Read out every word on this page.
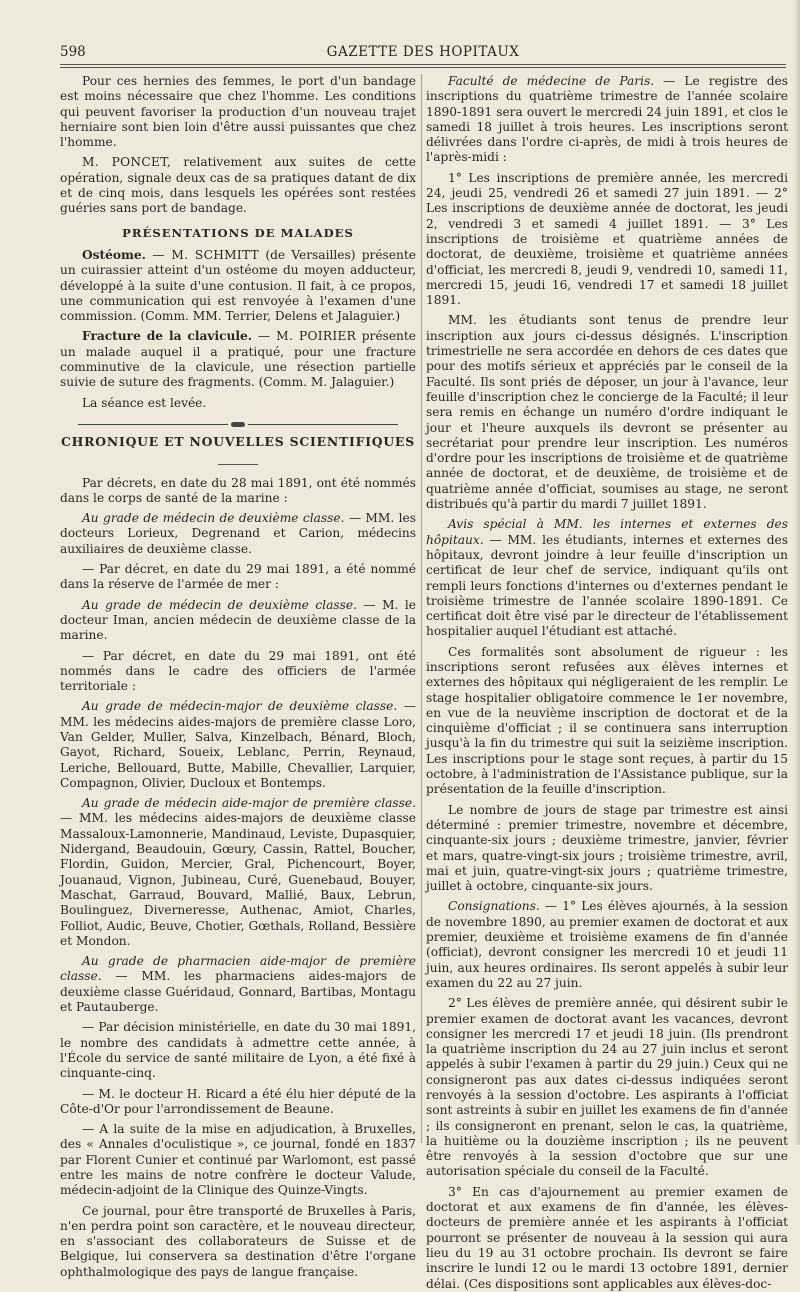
598	GAZETTE DES HOPITAUX

Pour ces hernies des femmes, le port d'un bandage est moins nécessaire que chez l'homme. Les conditions qui peuvent favoriser la production d'un nouveau trajet herniaire sont bien loin d'être aussi puissantes que chez l'homme.

M. PONCET, relativement aux suites de cette opération, signale deux cas de sa pratiques datant de dix et de cinq mois, dans lesquels les opérées sont restées guéries sans port de bandage.

PRÉSENTATIONS DE MALADES

Ostéome. — M. SCHMITT (de Versailles) présente un cuirassier atteint d'un ostéome du moyen adducteur, développé à la suite d'une contusion. Il fait, à ce propos, une communication qui est renvoyée à l'examen d'une commission. (Comm. MM. Terrier, Delens et Jalaguier.)

Fracture de la clavicule. — M. POIRIER présente un malade auquel il a pratiqué, pour une fracture comminutive de la clavicule, une résection partielle suivie de suture des fragments. (Comm. M. Jalaguier.)

La séance est levée.

CHRONIQUE ET NOUVELLES SCIENTIFIQUES

Par décrets, en date du 28 mai 1891, ont été nommés dans le corps de santé de la marine :

Au grade de médecin de deuxième classe. — MM. les docteurs Lorieux, Degrenand et Carion, médecins auxiliaires de deuxième classe.

— Par décret, en date du 29 mai 1891, a été nommé dans la réserve de l'armée de mer :

Au grade de médecin de deuxième classe. — M. le docteur Iman, ancien médecin de deuxième classe de la marine.

— Par décret, en date du 29 mai 1891, ont été nommés dans le cadre des officiers de l'armée territoriale :

Au grade de médecin-major de deuxième classe. — MM. les médecins aides-majors de première classe Loro, Van Gelder, Muller, Salva, Kinzelbach, Bénard, Bloch, Gayot, Richard, Soueix, Leblanc, Perrin, Reynaud, Leriche, Bellouard, Butte, Mabille, Chevallier, Larquier, Compagnon, Olivier, Ducloux et Bontemps.

Au grade de médecin aide-major de première classe. — MM. les médecins aides-majors de deuxième classe Massaloux-Lamonnerie, Mandinaud, Leviste, Dupasquier, Nidergand, Beaudouin, Gœury, Cassin, Rattel, Boucher, Flordin, Guidon, Mercier, Gral, Pichencourt, Boyer, Jouanaud, Vignon, Jubineau, Curé, Guenebaud, Bouyer, Maschat, Garraud, Bouvard, Mallié, Baux, Lebrun, Boulinguez, Diverneresse, Authenac, Amiot, Charles, Folliot, Audic, Beuve, Chotier, Gœthals, Rolland, Bessière et Mondon.

Au grade de pharmacien aide-major de première classe. — MM. les pharmaciens aides-majors de deuxième classe Guéridaud, Gonnard, Bartibas, Montagu et Pautauberge.

— Par décision ministérielle, en date du 30 mai 1891, le nombre des candidats à admettre cette année, à l'École du service de santé militaire de Lyon, a été fixé à cinquante-cinq.

— M. le docteur H. Ricard a été élu hier député de la Côte-d'Or pour l'arrondissement de Beaune.

— A la suite de la mise en adjudication, à Bruxelles, des « Annales d'oculistique », ce journal, fondé en 1837 par Florent Cunier et continué par Warlomont, est passé entre les mains de notre confrère le docteur Valude, médecin-adjoint de la Clinique des Quinze-Vingts.

Ce journal, pour être transporté de Bruxelles à Paris, n'en perdra point son caractère, et le nouveau directeur, en s'associant des collaborateurs de Suisse et de Belgique, lui conservera sa destination d'être l'organe ophthalmologique des pays de langue française.

Faculté de médecine de Paris. — Le registre des inscriptions du quatrième trimestre de l'année scolaire 1890-1891 sera ouvert le mercredi 24 juin 1891, et clos le samedi 18 juillet à trois heures. Les inscriptions seront délivrées dans l'ordre ci-après, de midi à trois heures de l'après-midi :

1° Les inscriptions de première année, les mercredi 24, jeudi 25, vendredi 26 et samedi 27 juin 1891. — 2° Les inscriptions de deuxième année de doctorat, les jeudi 2, vendredi 3 et samedi 4 juillet 1891. — 3° Les inscriptions de troisième et quatrième années de doctorat, de deuxième, troisième et quatrième années d'officiat, les mercredi 8, jeudi 9, vendredi 10, samedi 11, mercredi 15, jeudi 16, vendredi 17 et samedi 18 juillet 1891.

MM. les étudiants sont tenus de prendre leur inscription aux jours ci-dessus désignés. L'inscription trimestrielle ne sera accordée en dehors de ces dates que pour des motifs sérieux et appréciés par le conseil de la Faculté. Ils sont priés de déposer, un jour à l'avance, leur feuille d'inscription chez le concierge de la Faculté; il leur sera remis en échange un numéro d'ordre indiquant le jour et l'heure auxquels ils devront se présenter au secrétariat pour prendre leur inscription. Les numéros d'ordre pour les inscriptions de troisième et de quatrième année de doctorat, et de deuxième, de troisième et de quatrième année d'officiat, soumises au stage, ne seront distribués qu'à partir du mardi 7 juillet 1891.

Avis spécial à MM. les internes et externes des hôpitaux. — MM. les étudiants, internes et externes des hôpitaux, devront joindre à leur feuille d'inscription un certificat de leur chef de service, indiquant qu'ils ont rempli leurs fonctions d'internes ou d'externes pendant le troisième trimestre de l'année scolaire 1890-1891. Ce certificat doit être visé par le directeur de l'établissement hospitalier auquel l'étudiant est attaché.

Ces formalités sont absolument de rigueur : les inscriptions seront refusées aux élèves internes et externes des hôpitaux qui négligeraient de les remplir. Le stage hospitalier obligatoire commence le 1er novembre, en vue de la neuvième inscription de doctorat et de la cinquième d'officiat ; il se continuera sans interruption jusqu'à la fin du trimestre qui suit la seizième inscription. Les inscriptions pour le stage sont reçues, à partir du 15 octobre, à l'administration de l'Assistance publique, sur la présentation de la feuille d'inscription.

Le nombre de jours de stage par trimestre est ainsi déterminé : premier trimestre, novembre et décembre, cinquante-six jours ; deuxième trimestre, janvier, février et mars, quatre-vingt-six jours ; troisième trimestre, avril, mai et juin, quatre-vingt-six jours ; quatrième trimestre, juillet à octobre, cinquante-six jours.

Consignations. — 1° Les élèves ajournés, à la session de novembre 1890, au premier examen de doctorat et aux premier, deuxième et troisième examens de fin d'année (officiat), devront consigner les mercredi 10 et jeudi 11 juin, aux heures ordinaires. Ils seront appelés à subir leur examen du 22 au 27 juin.

2° Les élèves de première année, qui désirent subir le premier examen de doctorat avant les vacances, devront consigner les mercredi 17 et jeudi 18 juin. (Ils prendront la quatrième inscription du 24 au 27 juin inclus et seront appelés à subir l'examen à partir du 29 juin.) Ceux qui ne consigneront pas aux dates ci-dessus indiquées seront renvoyés à la session d'octobre. Les aspirants à l'officiat sont astreints à subir en juillet les examens de fin d'année ; ils consigneront en prenant, selon le cas, la quatrième, la huitième ou la douzième inscription ; ils ne peuvent être renvoyés à la session d'octobre que sur une autorisation spéciale du conseil de la Faculté.

3° En cas d'ajournement au premier examen de doctorat et aux examens de fin d'année, les élèves-docteurs de première année et les aspirants à l'officiat pourront se présenter de nouveau à la session qui aura lieu du 19 au 31 octobre prochain. Ils devront se faire inscrire le lundi 12 ou le mardi 13 octobre 1891, dernier délai. (Ces dispositions sont applicables aux élèves-doc-
